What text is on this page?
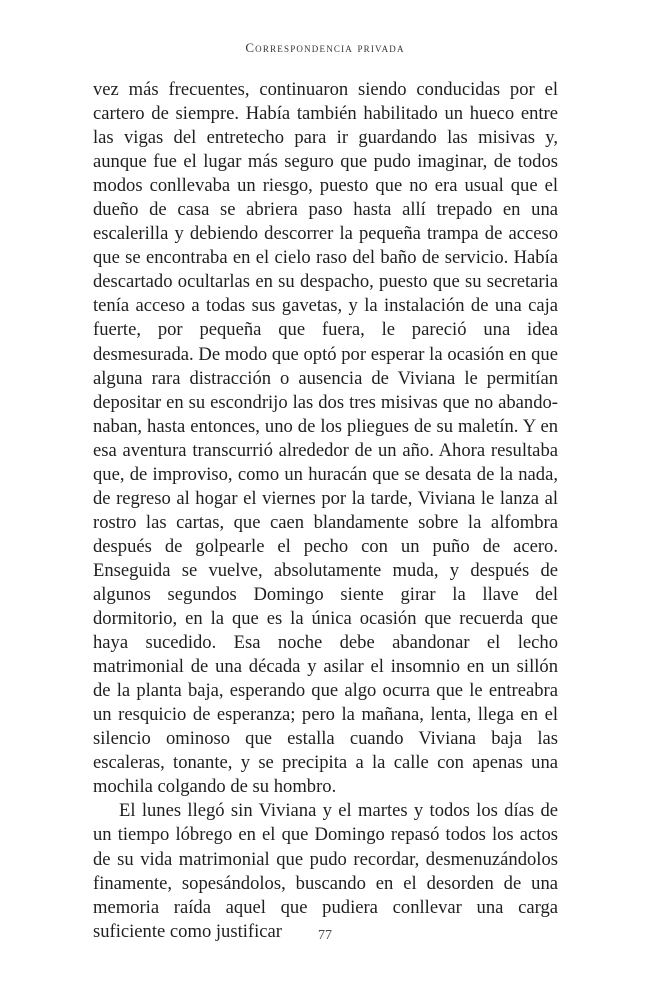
Correspondencia privada

vez más frecuentes, continuaron siendo conducidas por el cartero de siempre. Había también habilitado un hueco entre las vigas del entretecho para ir guardando las misivas y, aunque fue el lugar más seguro que pudo imaginar, de todos modos conllevaba un riesgo, puesto que no era usual que el dueño de casa se abriera paso hasta allí trepado en una escalerilla y debiendo descorrer la pequeña trampa de acceso que se encontraba en el cielo raso del baño de servicio. Había descartado ocultarlas en su despacho, puesto que su secretaria tenía acceso a todas sus gavetas, y la instalación de una caja fuerte, por pequeña que fuera, le pareció una idea desmesurada. De modo que optó por esperar la ocasión en que alguna rara distracción o ausencia de Viviana le permitían depositar en su escondrijo las dos tres misivas que no abandonaban, hasta entonces, uno de los pliegues de su maletín. Y en esa aventura transcurrió alrededor de un año. Ahora resultaba que, de improviso, como un huracán que se desata de la nada, de regreso al hogar el viernes por la tarde, Viviana le lanza al rostro las cartas, que caen blandamente sobre la alfombra después de golpearle el pecho con un puño de acero. Enseguida se vuelve, absolutamente muda, y después de algunos segundos Domingo siente girar la llave del dormitorio, en la que es la única ocasión que recuerda que haya sucedido. Esa noche debe abandonar el lecho matrimonial de una década y asilar el insomnio en un sillón de la planta baja, esperando que algo ocurra que le entreabra un resquicio de esperanza; pero la mañana, lenta, llega en el silencio ominoso que estalla cuando Viviana baja las escaleras, tonante, y se precipita a la calle con apenas una mochila colgando de su hombro.

El lunes llegó sin Viviana y el martes y todos los días de un tiempo lóbrego en el que Domingo repasó todos los actos de su vida matrimonial que pudo recordar, desmenuzándolos finamente, sopesándolos, buscando en el desorden de una memoria raída aquel que pudiera conllevar una carga suficiente como justificar	77
